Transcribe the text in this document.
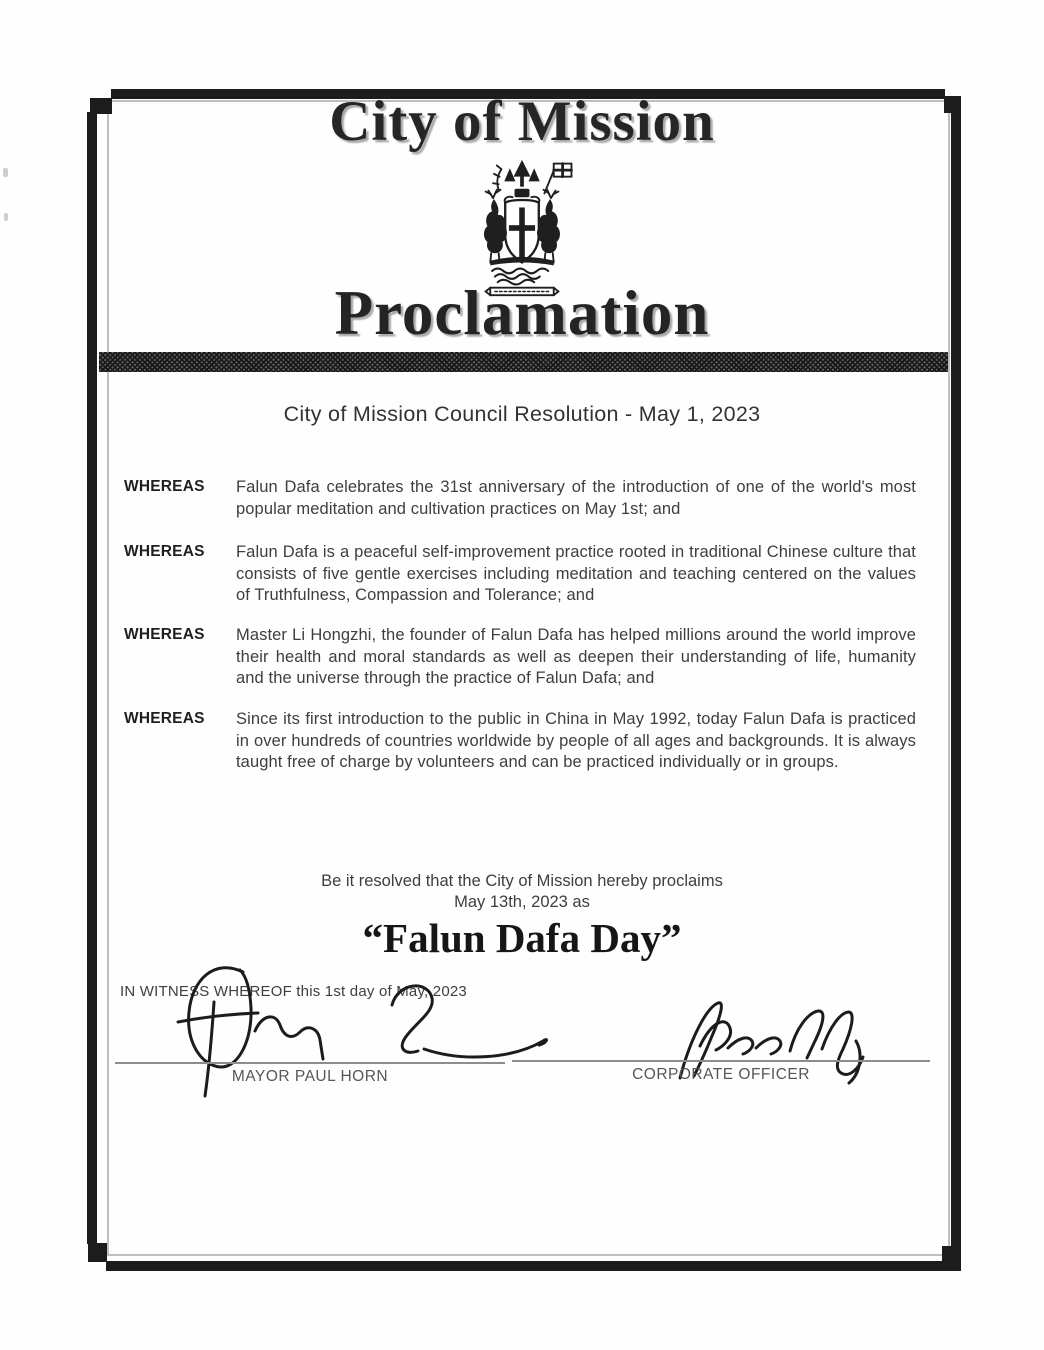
City of Mission
Proclamation
City of Mission Council Resolution - May 1, 2023
WHEREAS	Falun Dafa celebrates the 31st anniversary of the introduction of one of the world's most popular meditation and cultivation practices on May 1st; and
WHEREAS	Falun Dafa is a peaceful self-improvement practice rooted in traditional Chinese culture that consists of five gentle exercises including meditation and teaching centered on the values of Truthfulness, Compassion and Tolerance; and
WHEREAS	Master Li Hongzhi, the founder of Falun Dafa has helped millions around the world improve their health and moral standards as well as deepen their understanding of life, humanity and the universe through the practice of Falun Dafa; and
WHEREAS	Since its first introduction to the public in China in May 1992, today Falun Dafa is practiced in over hundreds of countries worldwide by people of all ages and backgrounds. It is always taught free of charge by volunteers and can be practiced individually or in groups.
Be it resolved that the City of Mission hereby proclaims
May 13th, 2023 as
“Falun Dafa Day”
IN WITNESS WHEREOF this 1st day of May, 2023
MAYOR PAUL HORN	CORPORATE OFFICER
